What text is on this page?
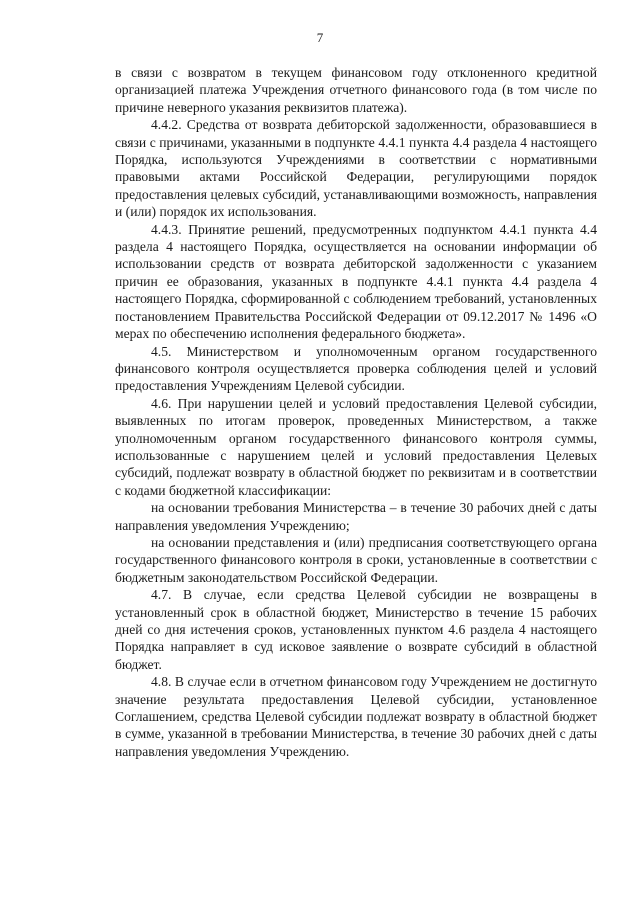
7

в связи с возвратом в текущем финансовом году отклоненного кредитной организацией платежа Учреждения отчетного финансового года (в том числе по причине неверного указания реквизитов платежа).

4.4.2. Средства от возврата дебиторской задолженности, образовавшиеся в связи с причинами, указанными в подпункте 4.4.1 пункта 4.4 раздела 4 настоящего Порядка, используются Учреждениями в соответствии с нормативными правовыми актами Российской Федерации, регулирующими порядок предоставления целевых субсидий, устанавливающими возможность, направления и (или) порядок их использования.

4.4.3. Принятие решений, предусмотренных подпунктом 4.4.1 пункта 4.4 раздела 4 настоящего Порядка, осуществляется на основании информации об использовании средств от возврата дебиторской задолженности с указанием причин ее образования, указанных в подпункте 4.4.1 пункта 4.4 раздела 4 настоящего Порядка, сформированной с соблюдением требований, установленных постановлением Правительства Российской Федерации от 09.12.2017 № 1496 «О мерах по обеспечению исполнения федерального бюджета».

4.5. Министерством и уполномоченным органом государственного финансового контроля осуществляется проверка соблюдения целей и условий предоставления Учреждениям Целевой субсидии.

4.6. При нарушении целей и условий предоставления Целевой субсидии, выявленных по итогам проверок, проведенных Министерством, а также уполномоченным органом государственного финансового контроля суммы, использованные с нарушением целей и условий предоставления Целевых субсидий, подлежат возврату в областной бюджет по реквизитам и в соответствии с кодами бюджетной классификации:

на основании требования Министерства – в течение 30 рабочих дней с даты направления уведомления Учреждению;

на основании представления и (или) предписания соответствующего органа государственного финансового контроля в сроки, установленные в соответствии с бюджетным законодательством Российской Федерации.

4.7. В случае, если средства Целевой субсидии не возвращены в установленный срок в областной бюджет, Министерство в течение 15 рабочих дней со дня истечения сроков, установленных пунктом 4.6 раздела 4 настоящего Порядка направляет в суд исковое заявление о возврате субсидий в областной бюджет.

4.8. В случае если в отчетном финансовом году Учреждением не достигнуто значение результата предоставления Целевой субсидии, установленное Соглашением, средства Целевой субсидии подлежат возврату в областной бюджет в сумме, указанной в требовании Министерства, в течение 30 рабочих дней с даты направления уведомления Учреждению.
